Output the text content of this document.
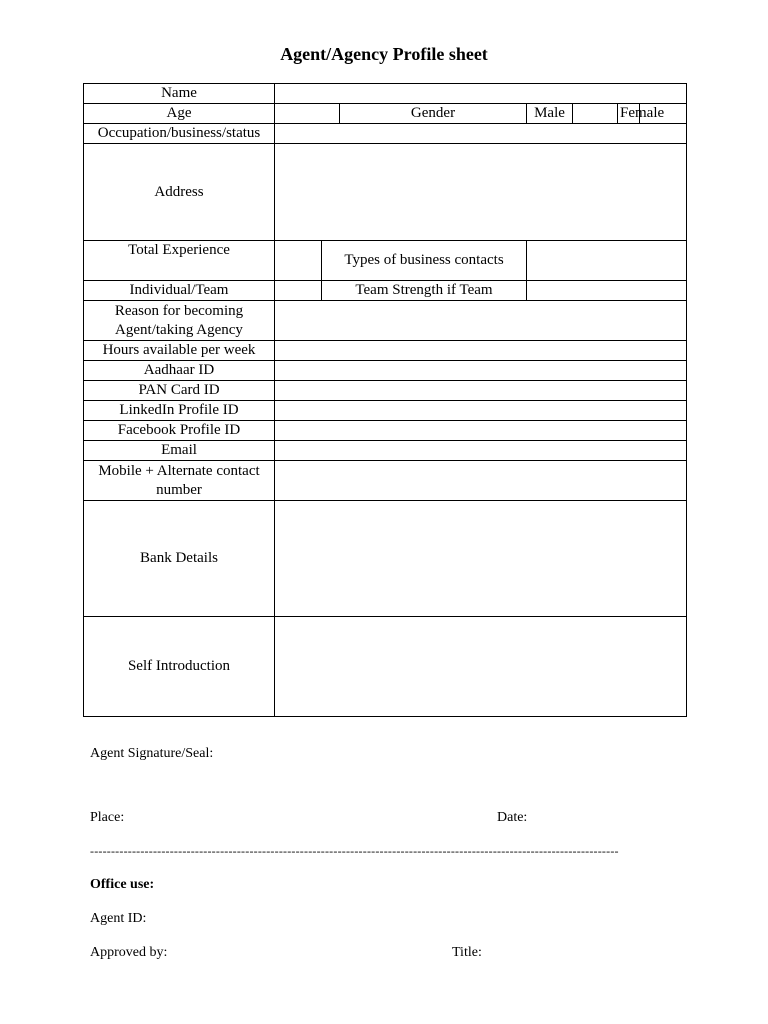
Agent/Agency Profile sheet
Name							
Age			Gender	Male		Female	
Occupation/business/status							
Address							
Total Experience		Types of business contacts					
Individual/Team		Team Strength if Team					
Reason for becoming Agent/taking Agency							
Hours available per week							
Aadhaar ID							
PAN Card ID							
LinkedIn Profile ID							
Facebook Profile ID							
Email							
Mobile + Alternate contact number							
Bank Details							
Self Introduction							
Agent Signature/Seal:
Place:	Date:
------------------------------------------------------------------------------------------------------------------------------
Office use:
Agent ID:
Approved by:	Title:
